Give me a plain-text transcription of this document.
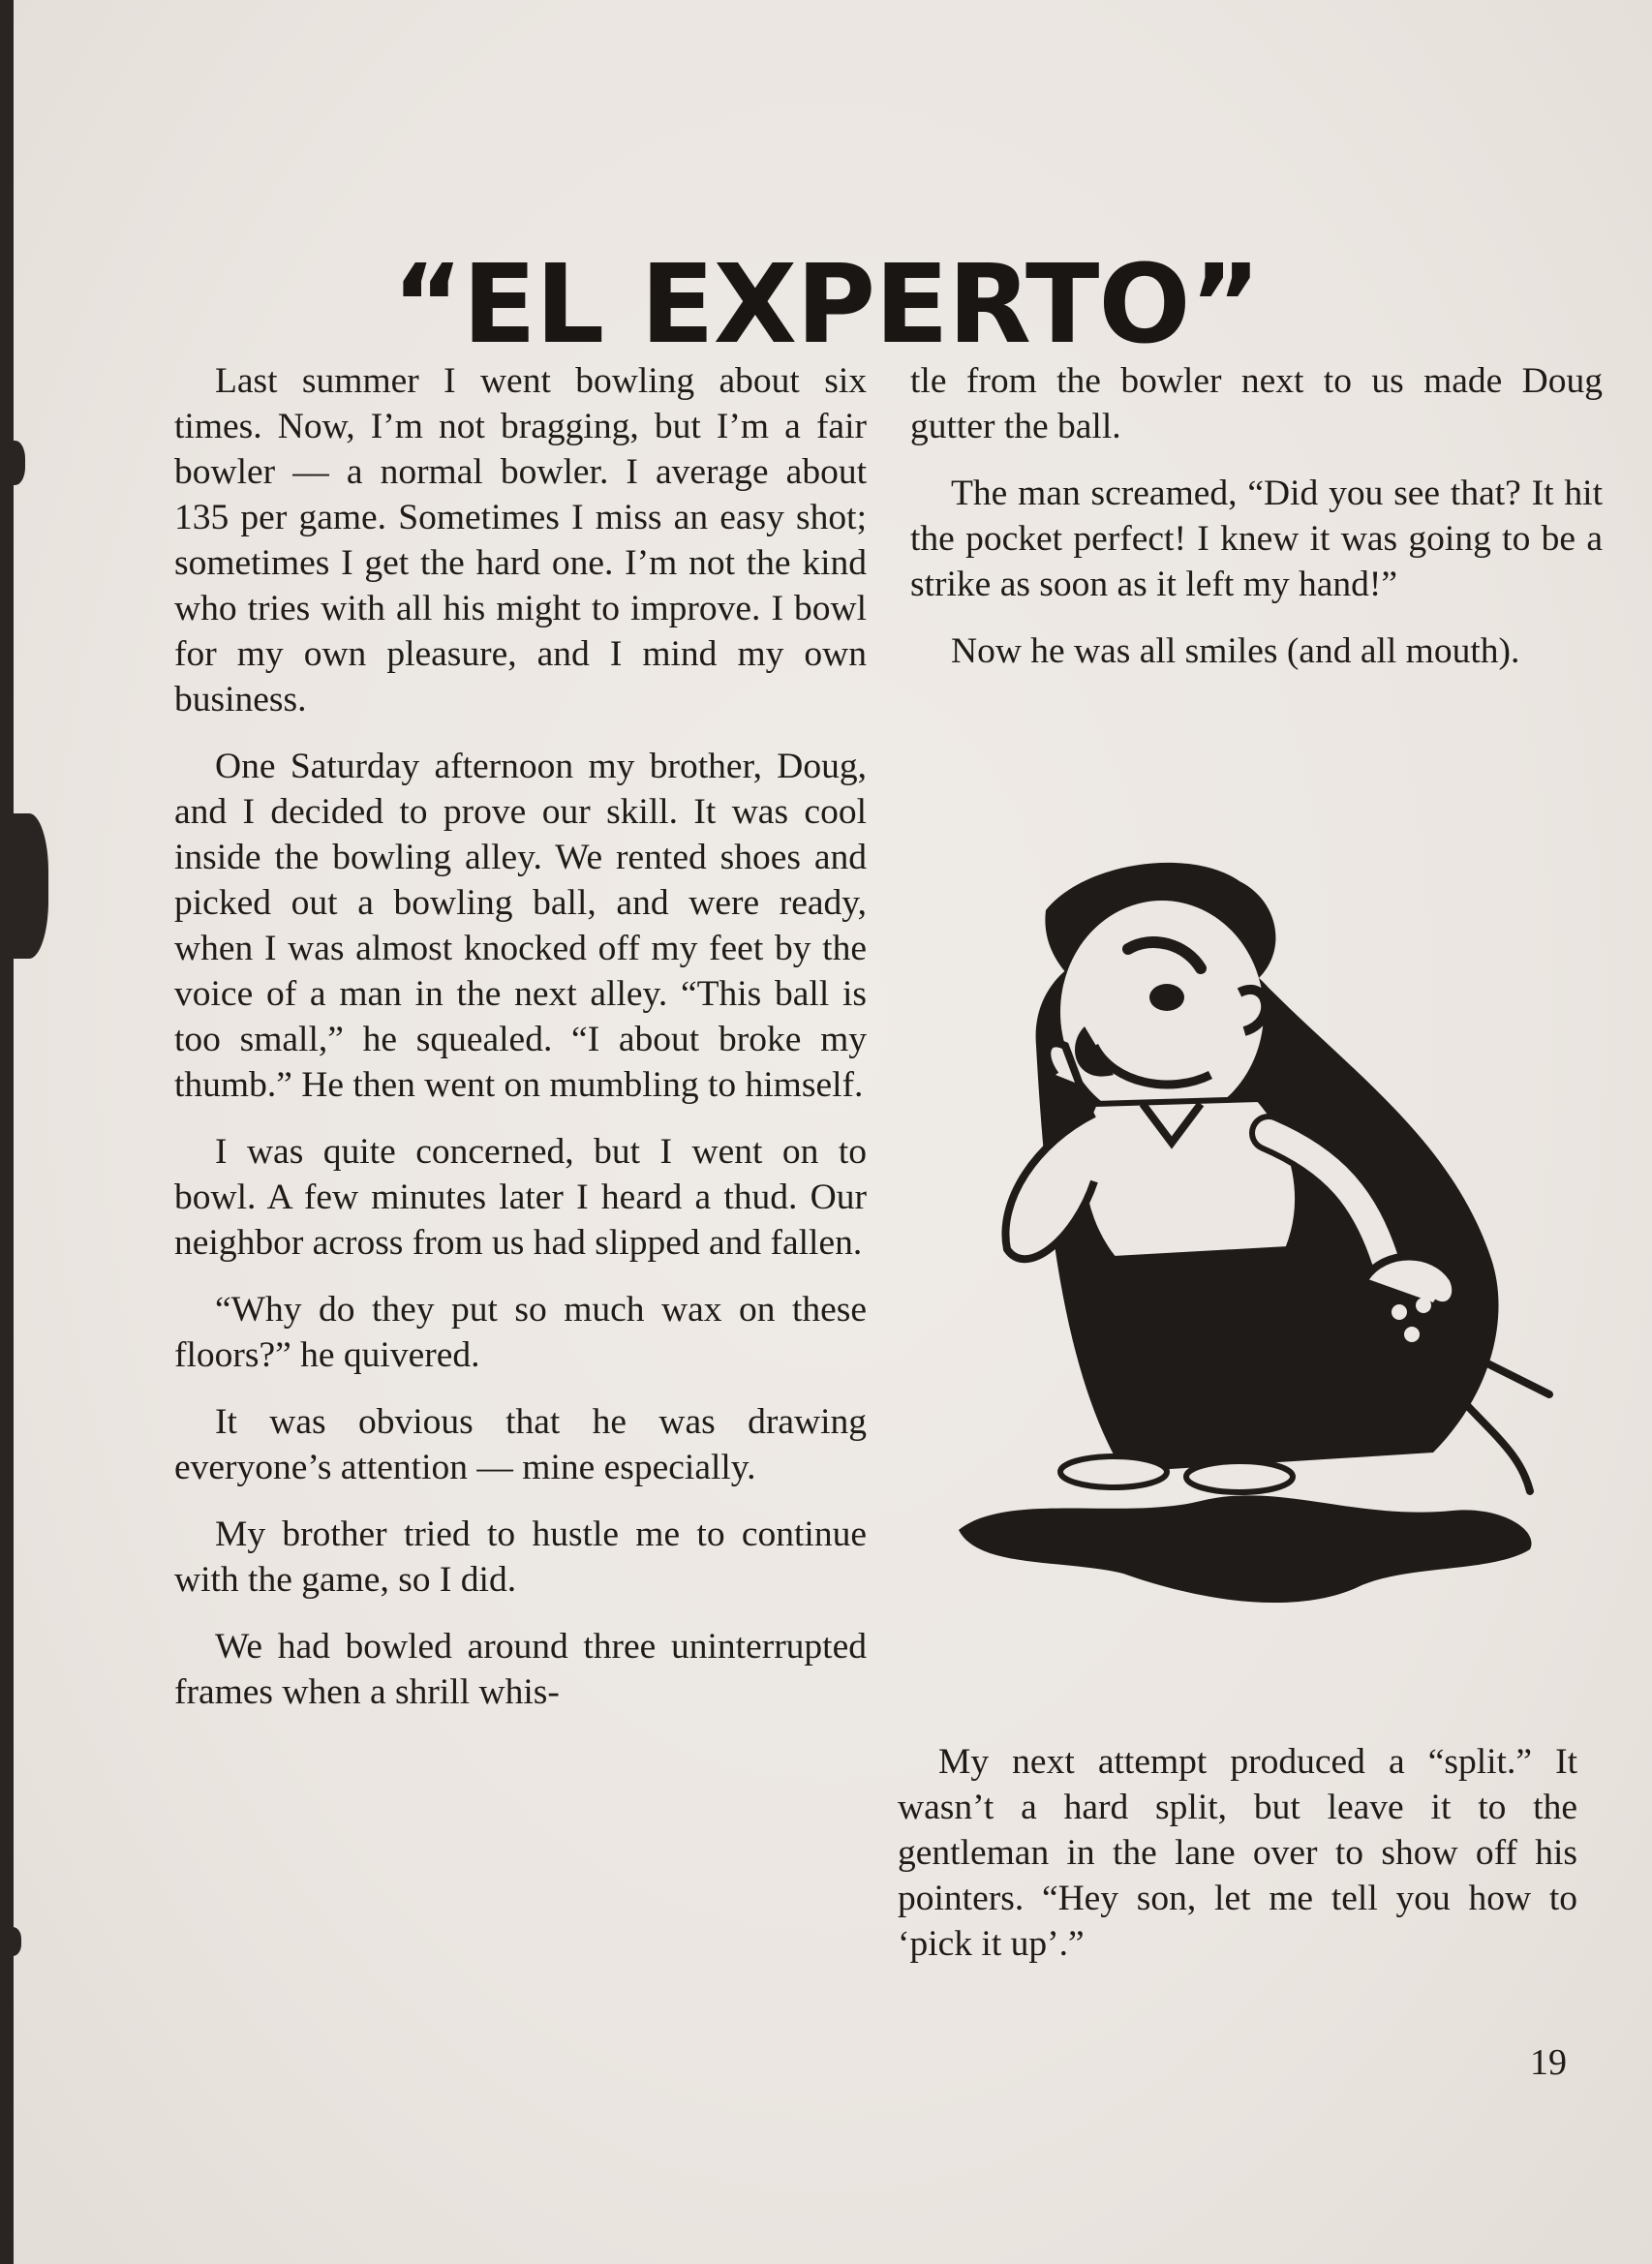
“EL EXPERTO”

Last summer I went bowling about six times. Now, I’m not bragging, but I’m a fair bowler — a normal bowler. I average about 135 per game. Sometimes I miss an easy shot; sometimes I get the hard one. I’m not the kind who tries with all his might to improve. I bowl for my own pleasure, and I mind my own business.

One Saturday afternoon my brother, Doug, and I decided to prove our skill. It was cool inside the bowling alley. We rented shoes and picked out a bowling ball, and were ready, when I was almost knocked off my feet by the voice of a man in the next alley. “This ball is too small,” he squealed. “I about broke my thumb.” He then went on mumbling to himself.

I was quite concerned, but I went on to bowl. A few minutes later I heard a thud. Our neighbor across from us had slipped and fallen.

“Why do they put so much wax on these floors?” he quivered.

It was obvious that he was drawing everyone’s attention — mine especially.

My brother tried to hustle me to continue with the game, so I did.

We had bowled around three uninterrupted frames when a shrill whis-

tle from the bowler next to us made Doug gutter the ball.

The man screamed, “Did you see that? It hit the pocket perfect! I knew it was going to be a strike as soon as it left my hand!”

Now he was all smiles (and all mouth).

My next attempt produced a “split.” It wasn’t a hard split, but leave it to the gentleman in the lane over to show off his pointers. “Hey son, let me tell you how to ‘pick it up’.”

19
